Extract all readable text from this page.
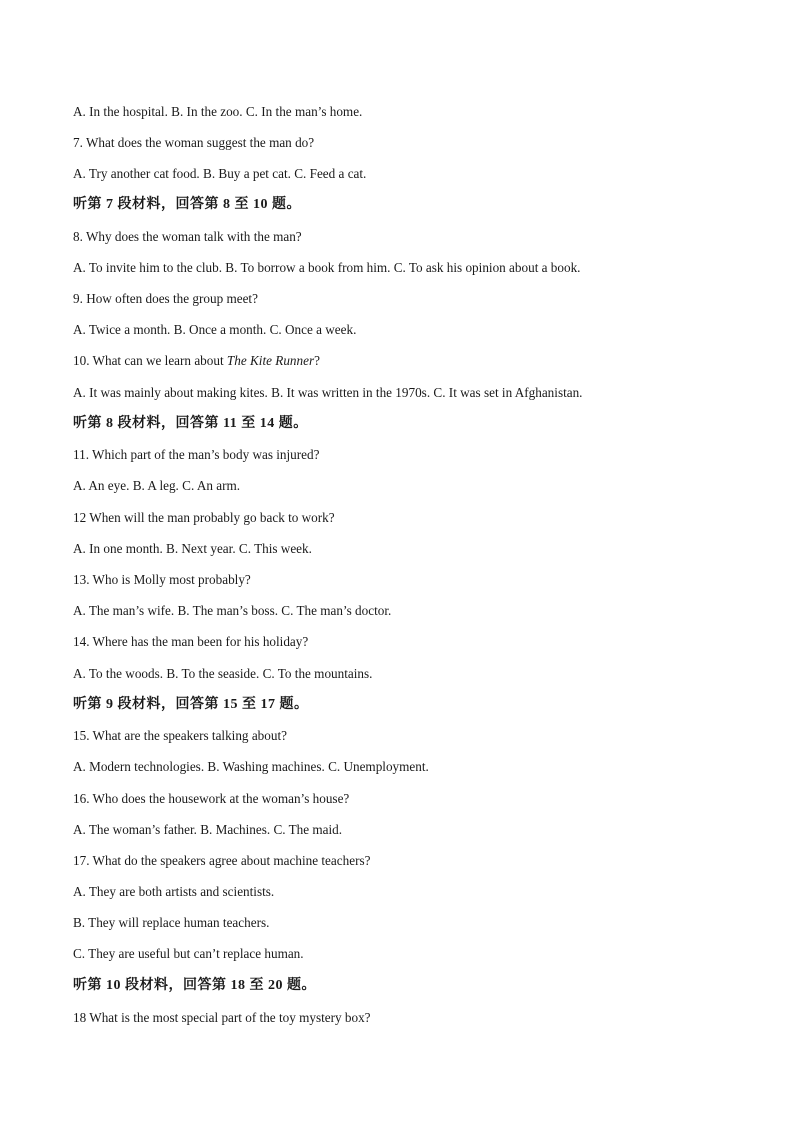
A. In the hospital. B. In the zoo. C. In the man’s home.
7. What does the woman suggest the man do?
A. Try another cat food. B. Buy a pet cat. C. Feed a cat.
听第 7 段材料，回答第 8 至 10 题。
8. Why does the woman talk with the man?
A. To invite him to the club. B. To borrow a book from him. C. To ask his opinion about a book.
9. How often does the group meet?
A. Twice a month. B. Once a month. C. Once a week.
10. What can we learn about The Kite Runner?
A. It was mainly about making kites. B. It was written in the 1970s. C. It was set in Afghanistan.
听第 8 段材料，回答第 11 至 14 题。
11. Which part of the man’s body was injured?
A. An eye. B. A leg. C. An arm.
12 When will the man probably go back to work?
A. In one month. B. Next year. C. This week.
13. Who is Molly most probably?
A. The man’s wife. B. The man’s boss. C. The man’s doctor.
14. Where has the man been for his holiday?
A. To the woods. B. To the seaside. C. To the mountains.
听第 9 段材料，回答第 15 至 17 题。
15. What are the speakers talking about?
A. Modern technologies. B. Washing machines. C. Unemployment.
16. Who does the housework at the woman’s house?
A. The woman’s father. B. Machines. C. The maid.
17. What do the speakers agree about machine teachers?
A. They are both artists and scientists.
B. They will replace human teachers.
C. They are useful but can’t replace human.
听第 10 段材料，回答第 18 至 20 题。
18 What is the most special part of the toy mystery box?
